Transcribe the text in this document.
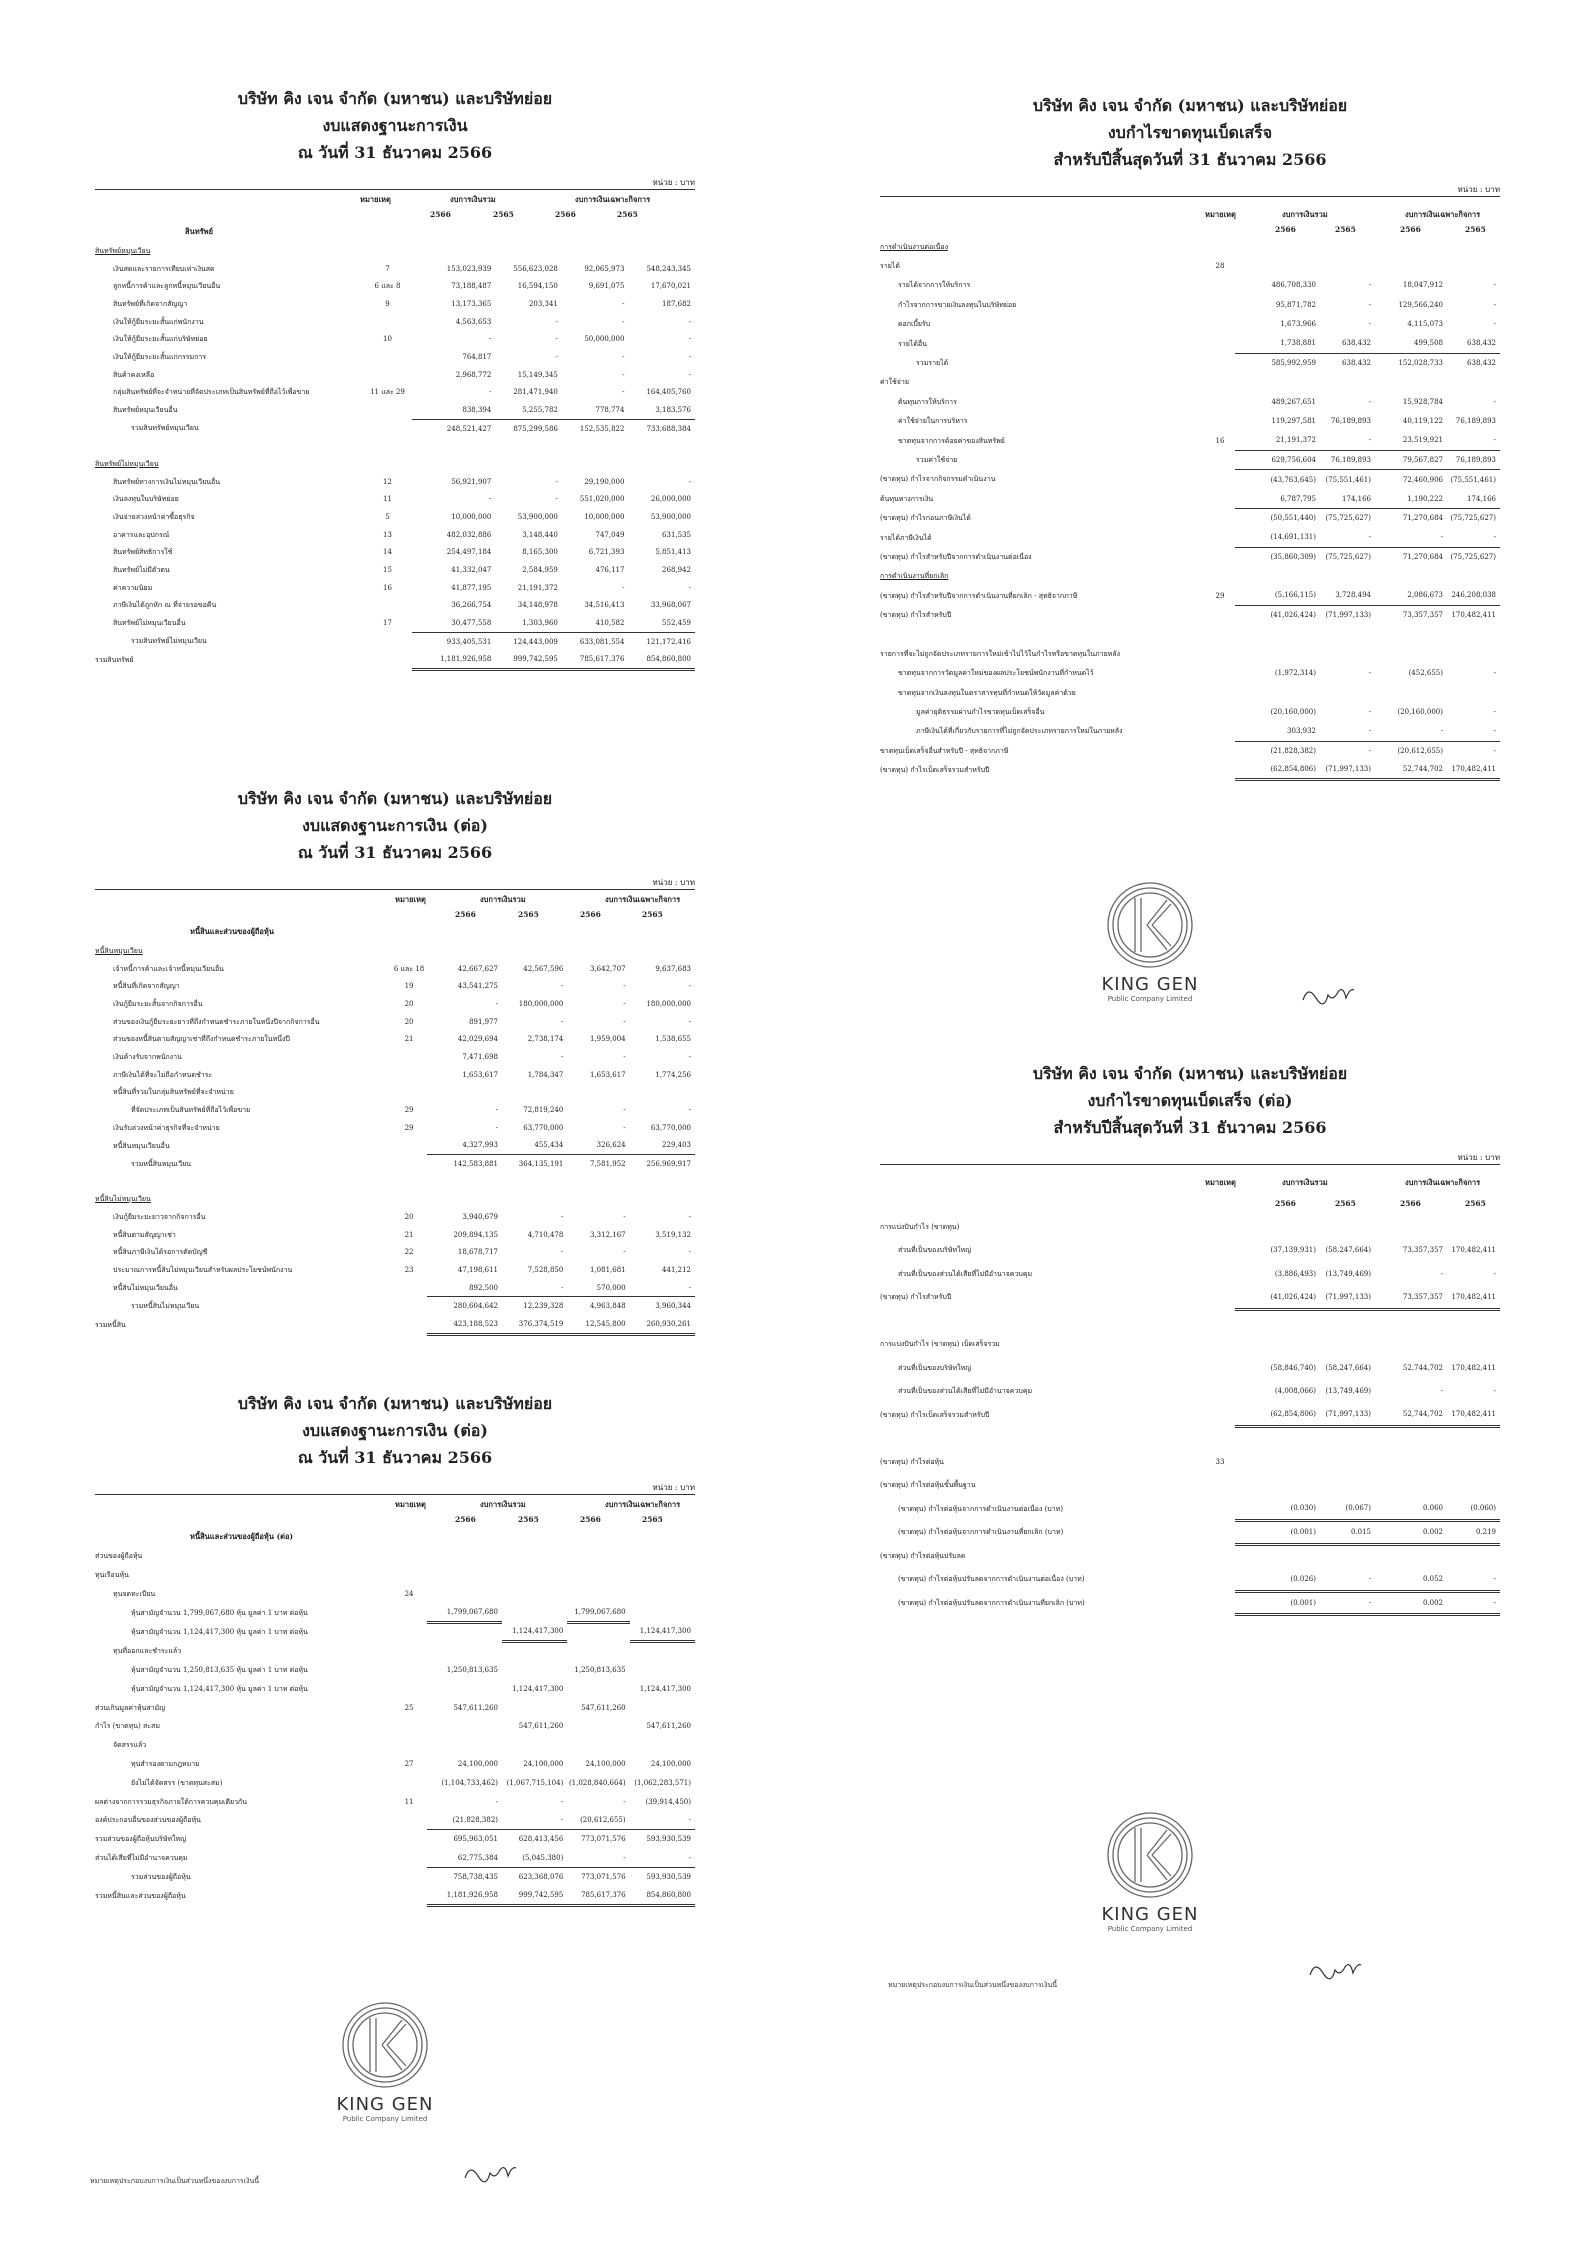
บริษัท คิง เจน จำกัด (มหาชน) และบริษัทย่อย
งบแสดงฐานะการเงิน
ณ วันที่ 31 ธันวาคม 2566
หน่วย : บาท
หมายเหตุ	งบการเงินรวม	งบการเงินเฉพาะกิจการ
2566	2565	2566	2565
สินทรัพย์
สินทรัพย์หมุนเวียน					
เงินสดและรายการเทียบเท่าเงินสด	7	153,023,939	556,623,028	92,065,973	548,243,345
ลูกหนี้การค้าและลูกหนี้หมุนเวียนอื่น	6 และ 8	73,188,487	16,594,150	9,691,075	17,670,021
สินทรัพย์ที่เกิดจากสัญญา	9	13,173,365	203,341	-	187,682
เงินให้กู้ยืมระยะสั้นแก่พนักงาน		4,563,653	-	-	-
เงินให้กู้ยืมระยะสั้นแก่บริษัทย่อย	10	-	-	50,000,000	-
เงินให้กู้ยืมระยะสั้นแก่กรรมการ		764,817	-	-	-
สินค้าคงเหลือ		2,968,772	15,149,345	-	-
กลุ่มสินทรัพย์ที่จะจำหน่ายที่จัดประเภทเป็นสินทรัพย์ที่ถือไว้เพื่อขาย	11 และ 29	-	281,471,940	-	164,405,760
สินทรัพย์หมุนเวียนอื่น		838,394	5,255,782	778,774	3,183,576
รวมสินทรัพย์หมุนเวียน		248,521,427	875,299,586	152,535,822	733,688,384

สินทรัพย์ไม่หมุนเวียน					
สินทรัพย์ทางการเงินไม่หมุนเวียนอื่น	12	56,921,907	-	29,190,000	-
เงินลงทุนในบริษัทย่อย	11	-	-	551,020,000	26,000,000
เงินจ่ายล่วงหน้าค่าซื้อธุรกิจ	5	10,000,000	53,900,000	10,000,000	53,900,000
อาคารและอุปกรณ์	13	482,032,886	3,148,440	747,049	631,535
สินทรัพย์สิทธิการใช้	14	254,497,184	8,165,300	6,721,393	5,851,413
สินทรัพย์ไม่มีตัวตน	15	41,332,047	2,584,959	476,117	268,942
ค่าความนิยม	16	41,877,195	21,191,372	-	-
ภาษีเงินได้ถูกหัก ณ ที่จ่ายรอขอคืน		36,266,754	34,148,978	34,516,413	33,968,067
สินทรัพย์ไม่หมุนเวียนอื่น	17	30,477,558	1,303,960	410,582	552,459
รวมสินทรัพย์ไม่หมุนเวียน		933,405,531	124,443,009	633,081,554	121,172,416
รวมสินทรัพย์		1,181,926,958	999,742,595	785,617,376	854,860,800
บริษัท คิง เจน จำกัด (มหาชน) และบริษัทย่อย
งบแสดงฐานะการเงิน (ต่อ)
ณ วันที่ 31 ธันวาคม 2566
หน่วย : บาท
หมายเหตุ	งบการเงินรวม	งบการเงินเฉพาะกิจการ
2566	2565	2566	2565
หนี้สินและส่วนของผู้ถือหุ้น
หนี้สินหมุนเวียน					
เจ้าหนี้การค้าและเจ้าหนี้หมุนเวียนอื่น	6 และ 18	42,667,627	42,567,596	3,642,707	9,637,683
หนี้สินที่เกิดจากสัญญา	19	43,541,275	-	-	-
เงินกู้ยืมระยะสั้นจากกิจการอื่น	20	-	180,000,000	-	180,000,000
ส่วนของเงินกู้ยืมระยะยาวที่ถึงกำหนดชำระภายในหนึ่งปีจากกิจการอื่น	20	891,977	-	-	-
ส่วนของหนี้สินตามสัญญาเช่าที่ถึงกำหนดชำระภายในหนึ่งปี	21	42,029,694	2,738,174	1,959,004	1,538,655
เงินค้างรับจากพนักงาน		7,471,698	-	-	-
ภาษีเงินได้ที่จะไม่ถือกำหนดชำระ		1,653,617	1,784,347	1,653,617	1,774,256
หนี้สินที่รวมในกลุ่มสินทรัพย์ที่จะจำหน่าย					
ที่จัดประเภทเป็นสินทรัพย์ที่ถือไว้เพื่อขาย	29	-	72,819,240	-	-
เงินรับล่วงหน้าค่าธุรกิจที่จะจำหน่าย	29	-	63,770,000	-	63,770,000
หนี้สินหมุนเวียนอื่น		4,327,993	455,434	326,624	229,403
รวมหนี้สินหมุนเวียน		142,583,881	364,135,191	7,581,952	256,969,917

หนี้สินไม่หมุนเวียน					
เงินกู้ยืมระยะยาวจากกิจการอื่น	20	3,940,679	-	-	-
หนี้สินตามสัญญาเช่า	21	209,894,135	4,710,478	3,312,167	3,519,132
หนี้สินภาษีเงินได้รอการตัดบัญชี	22	18,678,717	-	-	-
ประมาณการหนี้สินไม่หมุนเวียนสำหรับผลประโยชน์พนักงาน	23	47,198,611	7,528,850	1,081,681	441,212
หนี้สินไม่หมุนเวียนอื่น		892,500	-	570,000	-
รวมหนี้สินไม่หมุนเวียน		280,604,642	12,239,328	4,963,848	3,960,344
รวมหนี้สิน		423,188,523	376,374,519	12,545,800	260,930,261
บริษัท คิง เจน จำกัด (มหาชน) และบริษัทย่อย
งบแสดงฐานะการเงิน (ต่อ)
ณ วันที่ 31 ธันวาคม 2566
หน่วย : บาท
หมายเหตุ	งบการเงินรวม	งบการเงินเฉพาะกิจการ
2566	2565	2566	2565
หนี้สินและส่วนของผู้ถือหุ้น (ต่อ)
ส่วนของผู้ถือหุ้น					
ทุนเรือนหุ้น					
ทุนจดทะเบียน	24				
หุ้นสามัญจำนวน 1,799,067,680 หุ้น มูลค่า 1 บาท ต่อหุ้น		1,799,067,680		1,799,067,680	
หุ้นสามัญจำนวน 1,124,417,300 หุ้น มูลค่า 1 บาท ต่อหุ้น			1,124,417,300		1,124,417,300
ทุนที่ออกและชำระแล้ว					
หุ้นสามัญจำนวน 1,250,813,635 หุ้น มูลค่า 1 บาท ต่อหุ้น		1,250,813,635		1,250,813,635	
หุ้นสามัญจำนวน 1,124,417,300 หุ้น มูลค่า 1 บาท ต่อหุ้น			1,124,417,300		1,124,417,300
ส่วนเกินมูลค่าหุ้นสามัญ	25	547,611,260		547,611,260	
กำไร (ขาดทุน) สะสม			547,611,260		547,611,260
จัดสรรแล้ว					
ทุนสำรองตามกฎหมาย	27	24,100,000	24,100,000	24,100,000	24,100,000
ยังไม่ได้จัดสรร (ขาดทุนสะสม)		(1,104,733,462)	(1,067,715,104)	(1,028,840,664)	(1,062,283,571)
ผลต่างจากการรวมธุรกิจภายใต้การควบคุมเดียวกัน	11	-	-	-	(39,914,450)
องค์ประกอบอื่นของส่วนของผู้ถือหุ้น		(21,828,382)	-	(20,612,655)	-
รวมส่วนของผู้ถือหุ้นบริษัทใหญ่		695,963,051	628,413,456	773,071,576	593,930,539
ส่วนได้เสียที่ไม่มีอำนาจควบคุม		62,775,384	(5,045,380)	-	-
รวมส่วนของผู้ถือหุ้น		758,738,435	623,368,076	773,071,576	593,930,539
รวมหนี้สินและส่วนของผู้ถือหุ้น		1,181,926,958	999,742,595	785,617,376	854,860,800
KING GEN
Public Company Limited
หมายเหตุประกอบงบการเงินเป็นส่วนหนึ่งของงบการเงินนี้
บริษัท คิง เจน จำกัด (มหาชน) และบริษัทย่อย
งบกำไรขาดทุนเบ็ดเสร็จ
สำหรับปีสิ้นสุดวันที่ 31 ธันวาคม 2566
หน่วย : บาท
หมายเหตุ	งบการเงินรวม	งบการเงินเฉพาะกิจการ
2566	2565	2566	2565
การดำเนินงานต่อเนื่อง					
รายได้	28				
รายได้จากการให้บริการ		486,708,330	-	18,047,912	-
กำไรจากการขายเงินลงทุนในบริษัทย่อย		95,871,782	-	129,566,240	-
ดอกเบี้ยรับ		1,673,966	-	4,115,073	-
รายได้อื่น		1,738,881	638,432	499,508	638,432
รวมรายได้		585,992,959	638,432	152,028,733	638,432
ค่าใช้จ่าย					
ต้นทุนการให้บริการ		489,267,651	-	15,928,784	-
ค่าใช้จ่ายในการบริหาร		119,297,581	76,189,893	40,119,122	76,189,893
ขาดทุนจากการด้อยค่าของสินทรัพย์	16	21,191,372	-	23,519,921	-
รวมค่าใช้จ่าย		629,756,604	76,189,893	79,567,827	76,189,893
(ขาดทุน) กำไรจากกิจกรรมดำเนินงาน		(43,763,645)	(75,551,461)	72,460,906	(75,551,461)
ต้นทุนทางการเงิน		6,787,795	174,166	1,190,222	174,166
(ขาดทุน) กำไรก่อนภาษีเงินได้		(50,551,440)	(75,725,627)	71,270,684	(75,725,627)
รายได้ภาษีเงินได้		(14,691,131)	-	-	-
(ขาดทุน) กำไรสำหรับปีจากการดำเนินงานต่อเนื่อง		(35,860,309)	(75,725,627)	71,270,684	(75,725,627)
การดำเนินงานที่ยกเลิก					
(ขาดทุน) กำไรสำหรับปีจากการดำเนินงานที่ยกเลิก - สุทธิจากภาษี	29	(5,166,115)	3,728,494	2,086,673	246,208,038
(ขาดทุน) กำไรสำหรับปี		(41,026,424)	(71,997,133)	73,357,357	170,482,411

รายการที่จะไม่ถูกจัดประเภทรายการใหม่เข้าไปไว้ในกำไรหรือขาดทุนในภายหลัง					
ขาดทุนจากการวัดมูลค่าใหม่ของผลประโยชน์พนักงานที่กำหนดไว้		(1,972,314)	-	(452,655)	-
ขาดทุนจากเงินลงทุนในตราสารทุนที่กำหนดให้วัดมูลค่าด้วย					
มูลค่ายุติธรรมผ่านกำไรขาดทุนเบ็ดเสร็จอื่น		(20,160,000)	-	(20,160,000)	-
ภาษีเงินได้ที่เกี่ยวกับรายการที่ไม่ถูกจัดประเภทรายการใหม่ในภายหลัง		303,932	-	-	-
ขาดทุนเบ็ดเสร็จอื่นสำหรับปี - สุทธิจากภาษี		(21,828,382)	-	(20,612,655)	-
(ขาดทุน) กำไรเบ็ดเสร็จรวมสำหรับปี		(62,854,806)	(71,997,133)	52,744,702	170,482,411
KING GEN
Public Company Limited
บริษัท คิง เจน จำกัด (มหาชน) และบริษัทย่อย
งบกำไรขาดทุนเบ็ดเสร็จ (ต่อ)
สำหรับปีสิ้นสุดวันที่ 31 ธันวาคม 2566
หน่วย : บาท
หมายเหตุ	งบการเงินรวม	งบการเงินเฉพาะกิจการ
2566	2565	2566	2565
การแบ่งปันกำไร (ขาดทุน)					
ส่วนที่เป็นของบริษัทใหญ่		(37,139,931)	(58,247,664)	73,357,357	170,482,411
ส่วนที่เป็นของส่วนได้เสียที่ไม่มีอำนาจควบคุม		(3,886,493)	(13,749,469)	-	-
(ขาดทุน) กำไรสำหรับปี		(41,026,424)	(71,997,133)	73,357,357	170,482,411

การแบ่งปันกำไร (ขาดทุน) เบ็ดเสร็จรวม					
ส่วนที่เป็นของบริษัทใหญ่		(58,846,740)	(58,247,664)	52,744,702	170,482,411
ส่วนที่เป็นของส่วนได้เสียที่ไม่มีอำนาจควบคุม		(4,008,066)	(13,749,469)	-	-
(ขาดทุน) กำไรเบ็ดเสร็จรวมสำหรับปี		(62,854,806)	(71,997,133)	52,744,702	170,482,411

(ขาดทุน) กำไรต่อหุ้น	33				
(ขาดทุน) กำไรต่อหุ้นขั้นพื้นฐาน					
(ขาดทุน) กำไรต่อหุ้นจากการดำเนินงานต่อเนื่อง (บาท)		(0.030)	(0.067)	0.060	(0.060)
(ขาดทุน) กำไรต่อหุ้นจากการดำเนินงานที่ยกเลิก (บาท)		(0.001)	0.015	0.002	0.219
(ขาดทุน) กำไรต่อหุ้นปรับลด					
(ขาดทุน) กำไรต่อหุ้นปรับลดจากการดำเนินงานต่อเนื่อง (บาท)		(0.026)	-	0.052	-
(ขาดทุน) กำไรต่อหุ้นปรับลดจากการดำเนินงานที่ยกเลิก (บาท)		(0.001)	-	0.002	-
KING GEN
Public Company Limited
หมายเหตุประกอบงบการเงินเป็นส่วนหนึ่งของงบการเงินนี้
